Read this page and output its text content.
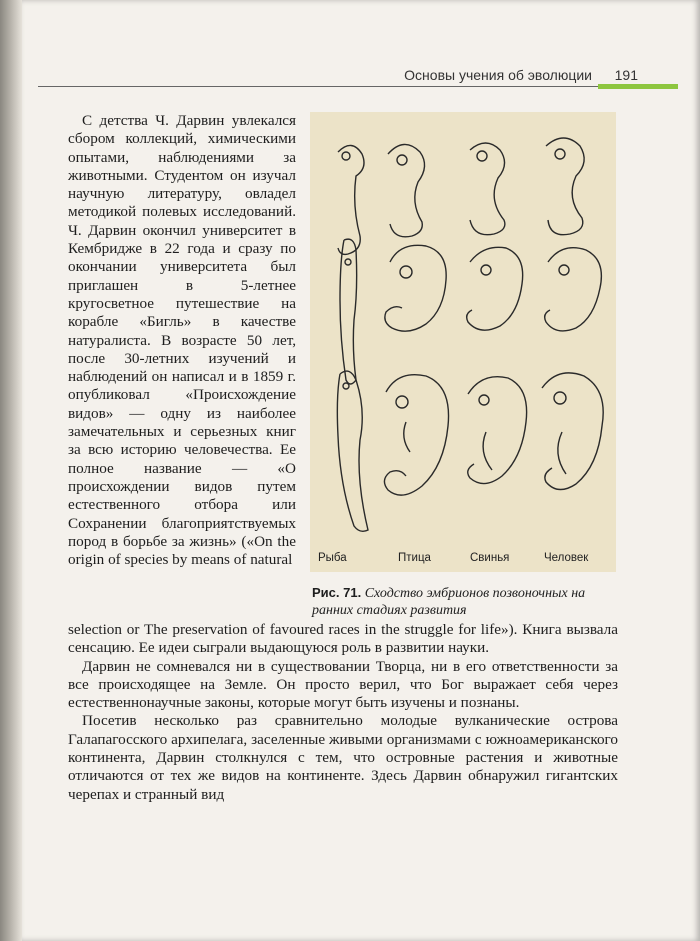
Основы учения об эволюции 191

С детства Ч. Дарвин увлекался сбором коллекций, химическими опытами, наблюдениями за животными. Студентом он изучал научную литературу, овладел методикой полевых исследований. Ч. Дарвин окончил университет в Кембридже в 22 года и сразу по окончании университета был приглашен в 5-летнее кругосветное путешествие на корабле «Бигль» в качестве натуралиста. В возрасте 50 лет, после 30-летних изучений и наблюдений он написал и в 1859 г. опубликовал «Происхождение видов» — одну из наиболее замечательных и серьезных книг за всю историю человечества. Ее полное название — «О происхождении видов путем естественного отбора или Сохранении благоприятствуемых пород в борьбе за жизнь» («On the origin of species by means of natural	Рыба	Птица	Свинья	Человек
Рис. 71. Сходство эмбрионов позвоночных на ранних стадиях развития

selection or The preservation of favoured races in the struggle for life»). Книга вызвала сенсацию. Ее идеи сыграли выдающуюся роль в развитии науки.

Дарвин не сомневался ни в существовании Творца, ни в его ответственности за все происходящее на Земле. Он просто верил, что Бог выражает себя через естественнонаучные законы, которые могут быть изучены и познаны.

Посетив несколько раз сравнительно молодые вулканические острова Галапагосского архипелага, заселенные живыми организмами с южноамериканского континента, Дарвин столкнулся с тем, что островные растения и животные отличаются от тех же видов на континенте. Здесь Дарвин обнаружил гигантских черепах и странный вид
